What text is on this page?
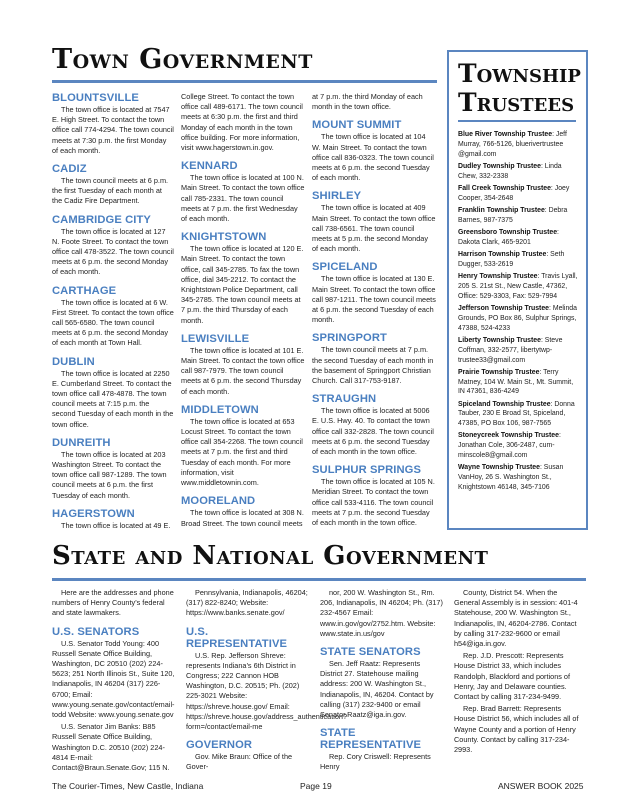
Town Government
BLOUNTSVILLE

The town office is located at 7547 E. High Street. To contact the town office call 774-4294. The town council meets at 7:30 p.m. the first Monday of each month.

CADIZ

The town council meets at 6 p.m. the first Tuesday of each month at the Cadiz Fire Department.

CAMBRIDGE CITY

The town office is located at 127 N. Foote Street. To contact the town office call 478-3522. The town council meets at 6 p.m. the second Monday of each month.

CARTHAGE

The town office is located at 6 W. First Street. To contact the town office call 565-6580. The town council meets at 6 p.m. the second Monday of each month at Town Hall.

DUBLIN

The town office is located at 2250 E. Cumberland Street. To contact the town office call 478-4878. The town council meets at 7:15 p.m. the second Tuesday of each month in the town office.

DUNREITH

The town office is located at 203 Washington Street. To contact the town office call 987-1289. The town council meets at 6 p.m. the first Tuesday of each month.

HAGERSTOWN

The town office is located at 49 E.

College Street. To contact the town office call 489-6171. The town council meets at 6:30 p.m. the first and third Monday of each month in the town office building. For more information, visit www.hagerstown.in.gov.

KENNARD

The town office is located at 100 N. Main Street. To contact the town office call 785-2331. The town council meets at 7 p.m. the first Wednesday of each month.

KNIGHTSTOWN

The town office is located at 120 E. Main Street. To contact the town office, call 345-2785. To fax the town office, dial 345-2212. To contact the Knightstown Police Department, call 345-2785. The town council meets at 7 p.m. the third Thursday of each month.

LEWISVILLE

The town office is located at 101 E. Main Street. To contact the town office call 987-7979. The town council meets at 6 p.m. the second Thursday of each month.

MIDDLETOWN

The town office is located at 653 Locust Street. To contact the town office call 354-2268. The town council meets at 7 p.m. the first and third Tuesday of each month. For more information, visit www.middletownin.com.

MOORELAND

The town office is located at 308 N. Broad Street. The town council meets

at 7 p.m. the third Monday of each month in the town office.

MOUNT SUMMIT

The town office is located at 104 W. Main Street. To contact the town office call 836-0323. The town council meets at 6 p.m. the second Tuesday of each month.

SHIRLEY

The town office is located at 409 Main Street. To contact the town office call 738-6561. The town council meets at 5 p.m. the second Monday of each month.

SPICELAND

The town office is located at 130 E. Main Street. To contact the town office call 987-1211. The town council meets at 6 p.m. the second Tuesday of each month.

SPRINGPORT

The town council meets at 7 p.m. the second Tuesday of each month in the basement of Springport Christian Church. Call 317-753-9187.

STRAUGHN

The town office is located at 5006 E. U.S. Hwy. 40. To contact the town office call 332-2828. The town council meets at 6 p.m. the second Tuesday of each month in the town office.

SULPHUR SPRINGS

The town office is located at 105 N. Meridian Street. To contact the town office call 533-4116. The town council meets at 7 p.m. the second Tuesday of each month in the town office.

Township
Trustees

Blue River Township Trustee: Jeff Murray, 766-5126, bluerivertrustee @gmail.com

Dudley Township Trustee: Linda Chew, 332-2338

Fall Creek Township Trustee: Joey Cooper, 354-2648

Franklin Township Trustee: Debra Barnes, 987-7375

Greensboro Township Trustee: Dakota Clark, 465-9201

Harrison Township Trustee: Seth Dugger, 533-2619

Henry Township Trustee: Travis Lyall, 205 S. 21st St., New Castle, 47362, Office: 529-3303, Fax: 529-7994

Jefferson Township Trustee: Melinda Grounds, PO Box 86, Sulphur Springs, 47388, 524-4233

Liberty Township Trustee: Steve Coffman, 332-2577, libertytwptrustee33@gmail.com

Prairie Township Trustee: Terry Matney, 104 W. Main St., Mt. Summit, IN 47361, 836-4249

Spiceland Township Trustee: Donna Tauber, 230 E Broad St, Spiceland, 47385, PO Box 106, 987-7565

Stoneycreek Township Trustee: Jonathan Cole, 306-2487, cumminscole8@gmail.com

Wayne Township Trustee: Susan VanHoy, 26 S. Washington St., Knightstown 46148, 345-7106

State and National Government

Here are the addresses and phone numbers of Henry County’s federal and state lawmakers.

U.S. SENATORS

U.S. Senator Todd Young: 400 Russell Senate Office Building, Washington, DC 20510 (202) 224-5623; 251 North Illinois St., Suite 120, Indianapolis, IN 46204 (317) 226-6700; Email: www.young.senate.gov/contact/email-todd Website: www.young.senate.gov

U.S. Senator Jim Banks: B85 Russell Senate Office Building, Washington D.C. 20510 (202) 224-4814 E-mail: Contact@Braun.Senate.Gov; 115 N.

Pennsylvania, Indianapolis, 46204; (317) 822-8240; Website: https://www.banks.senate.gov/

U.S. REPRESENTATIVE

U.S. Rep. Jefferson Shreve: represents Indiana’s 6th District in Congress; 222 Cannon HOB Washington, D.C. 20515; Ph. (202) 225-3021 Website: https://shreve.house.gov/ Email: https://shreve.house.gov/address_authentication?form=/contact/email-me

GOVERNOR

Gov. Mike Braun: Office of the Gover-

nor, 200 W. Washington St., Rm. 206, Indianapolis, IN 46204; Ph. (317) 232-4567 Email: www.in.gov/gov/2752.htm. Website: www.state.in.us/gov

STATE SENATORS

Sen. Jeff Raatz: Represents District 27. Statehouse mailing address: 200 W. Washington St., Indianapolis, IN, 46204. Contact by calling (317) 232-9400 or email Senator.Raatz@iga.in.gov.

STATE REPRESENTATIVE

Rep. Cory Criswell: Represents Henry

County, District 54. When the General Assembly is in session: 401-4 Statehouse, 200 W. Washington St., Indianapolis, IN, 46204-2786. Contact by calling 317-232-9600 or email h54@iga.in.gov.

Rep. J.D. Prescott: Represents House District 33, which includes Randolph, Blackford and portions of Henry, Jay and Delaware counties. Contact by calling 317-234-9499.

Rep. Brad Barrett: Represents House District 56, which includes all of Wayne County and a portion of Henry County. Contact by calling 317-234-2993.

The Courier-Times, New Castle, Indiana	Page 19	ANSWER BOOK 2025
